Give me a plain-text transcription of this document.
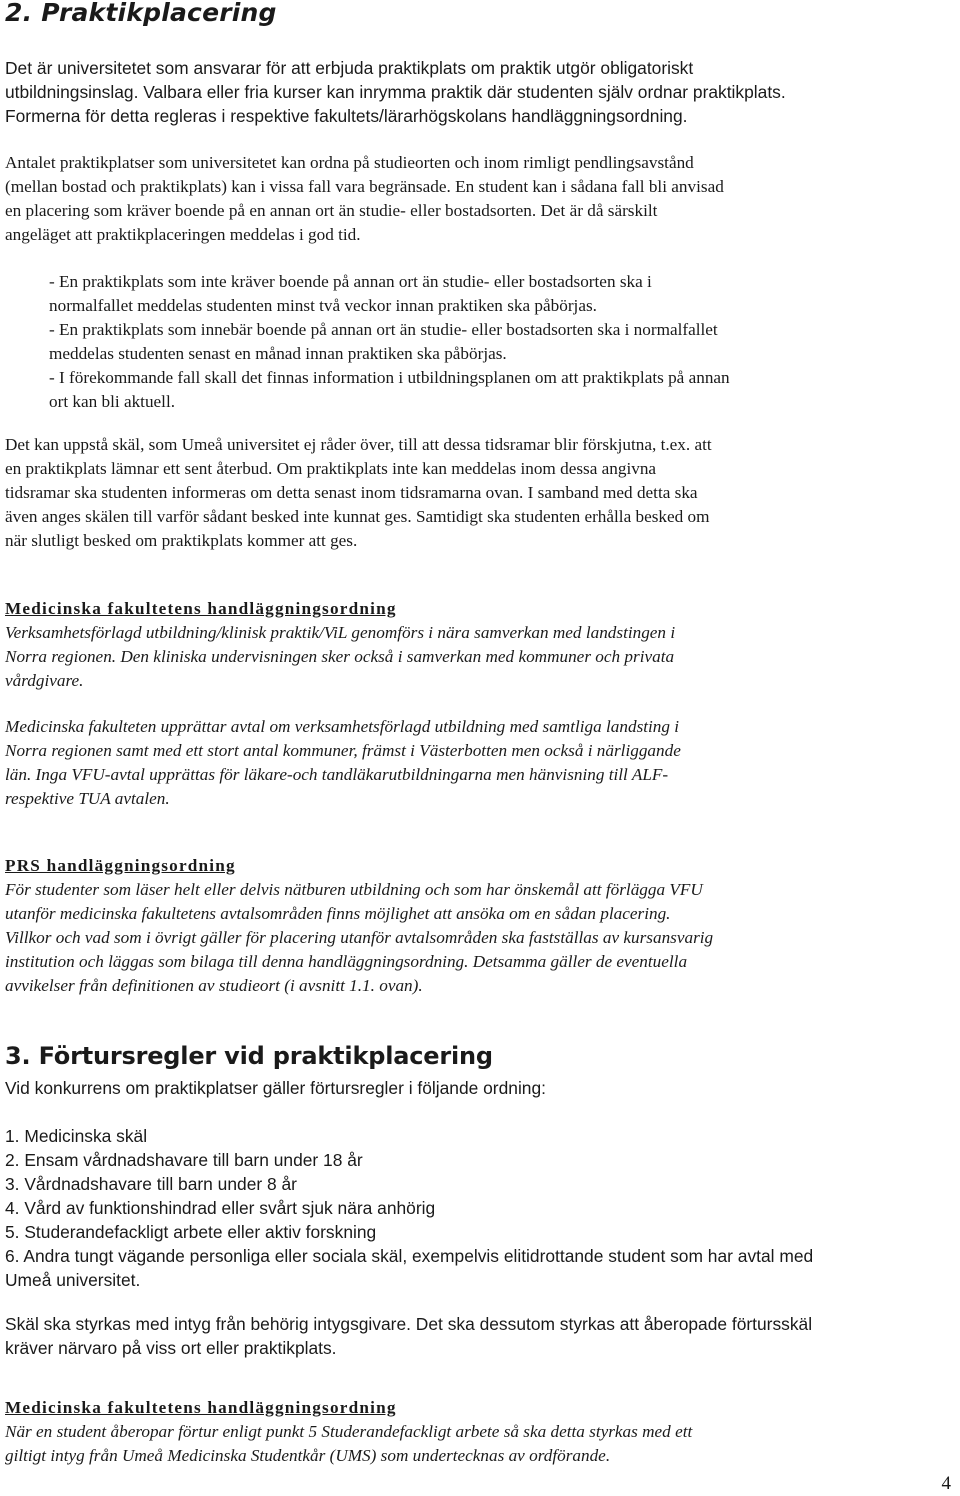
2. Praktikplacering
Det är universitetet som ansvarar för att erbjuda praktikplats om praktik utgör obligatoriskt
utbildningsinslag. Valbara eller fria kurser kan inrymma praktik där studenten själv ordnar praktikplats.
Formerna för detta regleras i respektive fakultets/lärarhögskolans handläggningsordning.
Antalet praktikplatser som universitetet kan ordna på studieorten och inom rimligt pendlingsavstånd
(mellan bostad och praktikplats) kan i vissa fall vara begränsade. En student kan i sådana fall bli anvisad
en placering som kräver boende på en annan ort än studie- eller bostadsorten. Det är då särskilt
angeläget att praktikplaceringen meddelas i god tid.
- En praktikplats som inte kräver boende på annan ort än studie- eller bostadsorten ska i
normalfallet meddelas studenten minst två veckor innan praktiken ska påbörjas.
- En praktikplats som innebär boende på annan ort än studie- eller bostadsorten ska i normalfallet
meddelas studenten senast en månad innan praktiken ska påbörjas.
- I förekommande fall skall det finnas information i utbildningsplanen om att praktikplats på annan
ort kan bli aktuell.
Det kan uppstå skäl, som Umeå universitet ej råder över, till att dessa tidsramar blir förskjutna, t.ex. att
en praktikplats lämnar ett sent återbud. Om praktikplats inte kan meddelas inom dessa angivna
tidsramar ska studenten informeras om detta senast inom tidsramarna ovan. I samband med detta ska
även anges skälen till varför sådant besked inte kunnat ges. Samtidigt ska studenten erhålla besked om
när slutligt besked om praktikplats kommer att ges.
Medicinska fakultetens handläggningsordning
Verksamhetsförlagd utbildning/klinisk praktik/ViL genomförs i nära samverkan med landstingen i
Norra regionen. Den kliniska undervisningen sker också i samverkan med kommuner och privata
vårdgivare.
Medicinska fakulteten upprättar avtal om verksamhetsförlagd utbildning med samtliga landsting i
Norra regionen samt med ett stort antal kommuner, främst i Västerbotten men också i närliggande
län. Inga VFU-avtal upprättas för läkare-och tandläkarutbildningarna men hänvisning till ALF-
respektive TUA avtalen.
PRS handläggningsordning
För studenter som läser helt eller delvis nätburen utbildning och som har önskemål att förlägga VFU
utanför medicinska fakultetens avtalsområden finns möjlighet att ansöka om en sådan placering.
Villkor och vad som i övrigt gäller för placering utanför avtalsområden ska fastställas av kursansvarig
institution och läggas som bilaga till denna handläggningsordning. Detsamma gäller de eventuella
avvikelser från definitionen av studieort (i avsnitt 1.1. ovan).
3. Förtursregler vid praktikplacering
Vid konkurrens om praktikplatser gäller förtursregler i följande ordning:
1. Medicinska skäl
2. Ensam vårdnadshavare till barn under 18 år
3. Vårdnadshavare till barn under 8 år
4. Vård av funktionshindrad eller svårt sjuk nära anhörig
5. Studerandefackligt arbete eller aktiv forskning
6. Andra tungt vägande personliga eller sociala skäl, exempelvis elitidrottande student som har avtal med
Umeå universitet.
Skäl ska styrkas med intyg från behörig intygsgivare. Det ska dessutom styrkas att åberopade förtursskäl
kräver närvaro på viss ort eller praktikplats.
Medicinska fakultetens handläggningsordning
När en student åberopar förtur enligt punkt 5 Studerandefackligt arbete så ska detta styrkas med ett
giltigt intyg från Umeå Medicinska Studentkår (UMS) som undertecknas av ordförande.
4
